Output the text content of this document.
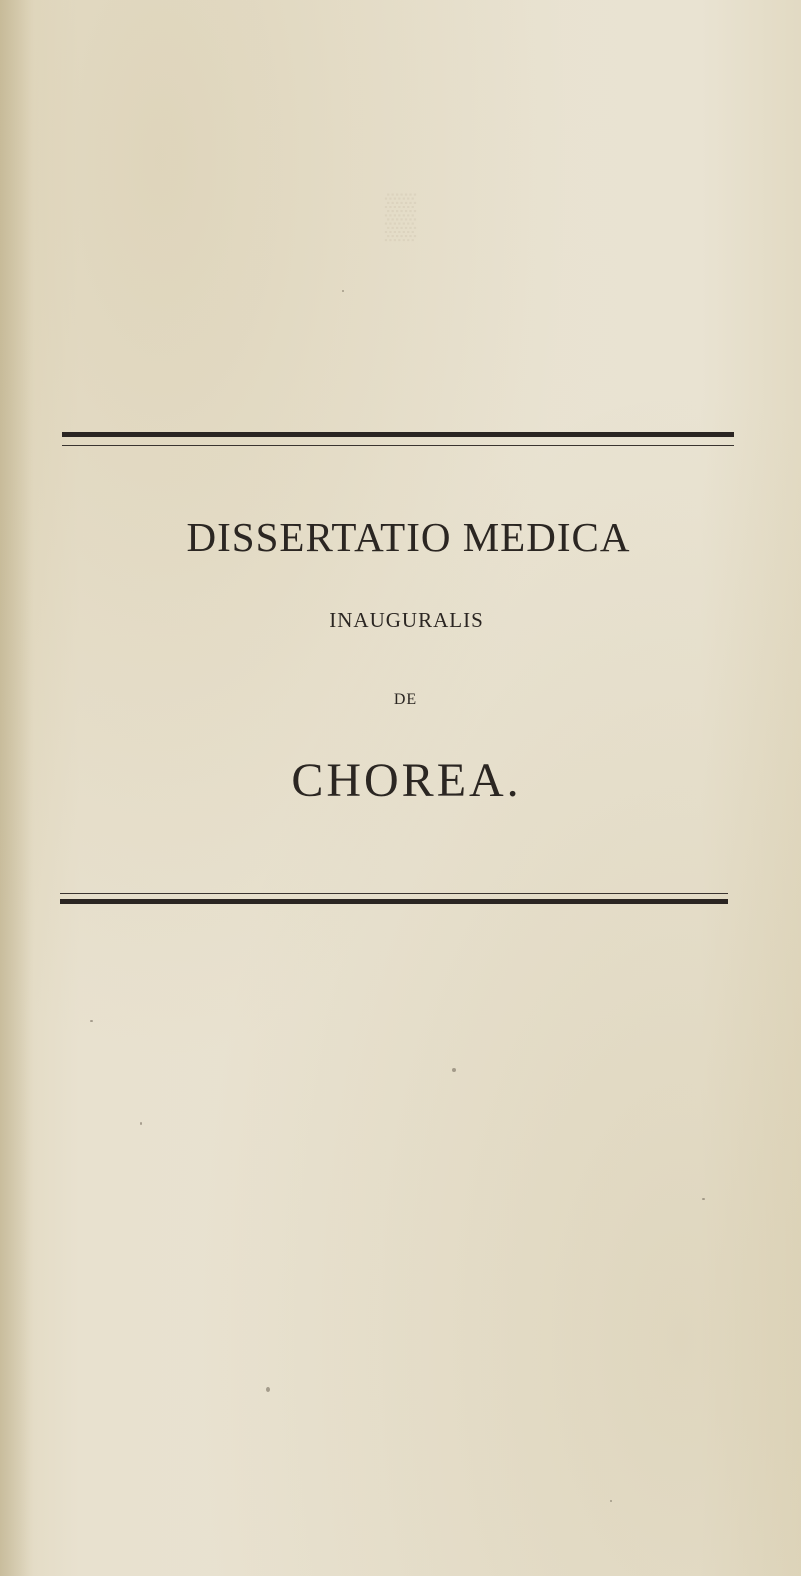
▒
DISSERTATIO MEDICA
INAUGURALIS
DE
CHOREA.
